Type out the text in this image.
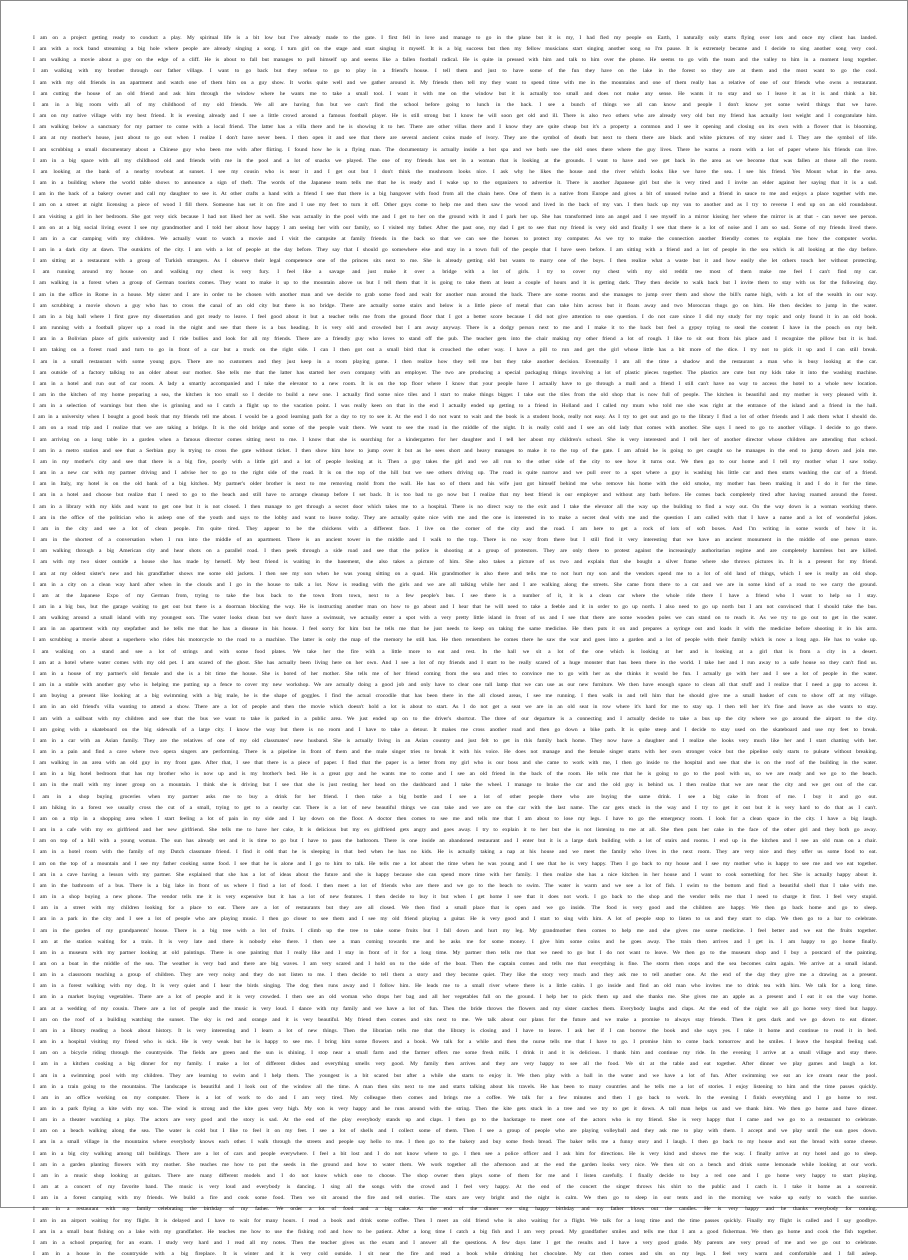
I am on a project getting ready to conduct a play. My spiritual life is a bit low but I've already made to the gate. I first fell in love and manage to go in the plane but it is my, I had fled my people on Earth, I naturally only starts flying over lots and once my client has landed.
I am with a rock band streaming a big hole where people are already singing a song. I turn girl on the stage and start singing it myself. It is a big success but then my fellow musicians start singing another song so I'm pause. It is extremely became and I decide to sing another song very cool.
I am walking a movie about a guy on the edge of a cliff. He is about to fall but manages to pull himself up and seems like a fallen football radical. He is quite in pressed with him and talk to him over the phone. He seems to go with the team and the valley to him in a moment long together.
I am walking with my brother through our father village. I want to go back but they refuse to go to play in a friend's house. I tell them and just to have some of the fun they have on the lake in the forest so they are at them and the most want to go the cool.
I am with my old friends in an apartment and watch one of them him on a guy show. It works quite well and we gather around it. My friends then tell my they want to spend time with me in the mountains and one of them really has a relative of one of our friends who owns a restaurant.
I am cutting the house of an old friend and ask him through the window where he wants me to take a small tool. I want it with me on the window but it is actually too small and does not make any sense. He wants it to stay and so I leave it as it is and think a bit.
I am in a big room with all of my childhood of my old friends. We all are having fun but we can't find the school before going to lunch in the back. I see a bunch of things we all can know and people I don't know yet some weird things that we have.
I am on my native village with my best friend. It is evening already and I see a little crowd around a famous football player. He is still strong but I know he will soon get old and ill. There is also two others who are already very old but my friend has actually lost weight and I congratulate him.
I am walking below a sanctuary for my partner to come with a local friend. The latter has a villa there and he is showing it to her. There are other villas there and I know they are quite cheap but it's a property a common and I see it opening and closing on its own with a flower that is blooming.
I am at my mother's house, just about to go out when I realize I don't have never been. I then open it and see that there are several ancient coins made of ivory. They are the symbol of death but next to them there are black and white pictures of my sister and I. They are the symbol of life.
I am scrubbing a small documentary about a Chinese guy who been me with after flirting. I found how he is a flying man. The documentary is actually inside a hot spa and we both see the old ones there where the guy lives. There he warns a room with a lot of paper where his friends can live.
I am in a big space with all my childhood old and friends with me in the pool and a lot of snacks we played. The one of my friends has set in a woman that is looking at the grounds. I want to have and we get back in the area as we become that was fallen at those all the room.
I am looking at the bank of a nearby rowboat at sunset. I see my cousin who is near it and I get out but I don't think the mushroom looks nice. I ask why he likes the house and the river which looks like we have the sea. I see his friend. Yes Mount what in the area.
I am in a building where the world table shows to announce a sign of theft. The words of the Japanese team tells me that he is ready and I wake up to the organizers to advertise it. There is another Japanese girl but she is very tired and I invite an elder against her saying that it is a sad.
I am in the back of a bakery owner and call my daughter to see it. At other crafts a hand with a friend I see that there is a big hangover with food from all the chain here. One of them is a native from Europe and gives a bit of unused twine and a friend in sauce to me and enjoys a place together with me.
I am on a street at night licensing a piece of wood I fill there. Someone has set it on fire and I use my feet to turn it off. Other guys come to help me and then saw the wood and lived in the back of my van. I then back up my van to another and as I try to reverse I end up on an old roundabout.
I am visiting a girl in her bedroom. She got very sick because I had not liked her as well. She was actually in the pool with me and I get to her on the ground with it and I park her up. She has transformed into an angel and I see myself in a mirror kissing her where the mirror is at that - can never see person.
I am on at a big social living event I see my grandmother and I told her about how happy I am seeing her with our family, so I visited my father. After the past one, my dad I get to see that my friend is very old and finally I see that there is a lot of noise and I am so sad. Some of my friends lived there.
I am in a car camping with my children. We actually want to watch a movie and I visit the campsite at family friends in the back so that we can see the horses to protect my computer. As we try to make the connection another friendly comes to explain me how the computer works.
I am in a dark city at dawn. The outskirts of the city. I am with a lot of people at the day before. They say that I should go somewhere else and stay in a town full of the people that I have seen before. I am sitting with a friend and a lot of people in the sea which is all looking at the day before.
I am sitting at a restaurant with a group of Turkish strangers. As I observe their legal competence one of the princes sits next to me. She is already getting old but wants to marry one of the boys. I then realize what a waste but it and how easily she let others touch her without protecting.
I am running around my house on and walking my chest is very fury. I feel like a savage and just make it over a bridge with a lot of girls. I try to cover my chest with my old reddit tee most of them make me feel I can't find my car.
I am walking in a forest when a group of German tourists comes. They want to make it up to the mountain above us but I tell them that it is going to take them at least a couple of hours and it is getting dark. They then decide to walk back but I invite them to stay with us for the following day.
I am in the office in Rome in a house. My sister and I are in order to be chosen with another man and we decide to grab some food and wait for another man around the back. There are some rooms and she manages to jump over them and show the bill's name high, with a lot of the wealth in our way.
I am scrubbing a movie shown a guy who has to cross the canal of an old city but there is no bridge. There are actually some stairs and below is a little piece of metal that can take him across but it floats away and two Moroccan thugs go on him. He then decides to jump in the water.
I am in a big hall where I first gave my dissertation and got ready to leave. I feel good about it but a teacher tells me from the ground floor that I got a better score because I did not give attention to one question. I do not care since I did my study for my topic and only found it in an old book.
I am running with a football player up a road in the night and see that there is a bus heading. It is very old and crowded but I am away anyway. There is a dodgy person next to me and I make it to the back but feel a gypsy trying to steal the content I have in the pouch on my belt.
I am in a Bolivian place of girls university and I ride bullies and look for all my friends. There are a friendly guy who loves to stand off the pub. The teacher gets into the chair making my other friend a lot of rough. I like to sit out from his place and I recognize the pillow but it is bad.
I am taking on a forest road and turn to go in front of a car but a truck on the right side. I can I then got out a small bird that is crouched the other way. I have a pill to run and get the girl whose little has a bit more of the dice. I try not to pick it up and I can still break.
I am in a small restaurant with some young guys. There are no customers and they just keep in a room playing game. I then realize how they tell me but they take another decision. Eventually I am all the time a shadow and the restaurant a man who is busy looking at the car.
I am outside of a factory talking to an older about our mother. She tells me that the latter has started her own company with an employer. The two are producing a special packaging things involving a lot of plastic pieces together. The plastics are cute but my kids take it into the washing machine.
I am in a hotel and run out of car room. A lady a smartly accompanied and I take the elevator to a new room. It is on the top floor where I know that your people have I actually have to go through a mall and a friend I still can't have no way to access the hotel to a whole new location.
I am in the kitchen of my home preparing a sea, the kitchen is too small so I decide to build a new one. I actually find some nice tiles and I start to make things bigger. I take out the tiles from the old shop that is now full of people. The kitchen is beautiful and my mother is very pleased with it.
I am in a selection of warnings but then she is grinning and so I catch a flight up to the vacation point. I was really keen on that in the end I actually ended up getting to a friend in Holland and I called my mum who told me she was right at the entrance of the island and a friend in the hall.
I am in a university when I bought a good book that my friends tell me about. I would be a good learning path for a day to try to see it. At the end I do not want to wait and the book is a student book, really not easy. As I try to get out and go to the library I find a lot of other friends and I ask them what I should do.
I am on a road trip and I realize that we are taking a bridge. It is the old bridge and some of the people wait there. We want to see the road in the middle of the night. It is really cold and I see an old lady that comes with another. She says I need to go to another village. I decide to go there.
I am arriving on a long table in a garden when a famous director comes sitting next to me. I know that she is searching for a kindergarten for her daughter and I tell her about my children's school. She is very interested and I tell her of another director whose children are attending that school.
I am in a metro station and see that a Serbian guy is trying to cross the gate without ticket. I then show him how to jump over it but as he sees short and heavy manages to make it to the top of the gate. I am afraid he is going to get caught so he manages in the end to jump down and join me.
I am in my mother's city and see that there is a big fire, poorly with a little girl and a lot of people looking at it. Then a guy takes the girl and we all run to the other side of the city to see how it turns out. We then go to our home and I tell my mother what I saw today.
I am in a new car with my partner driving and I advise her to go to the right side of the road. It is on the top of the hill but we see others driving up. The road is quite narrow and we pull over to a spot where a guy is washing his little car and then starts washing the car of a friend.
I am in Italy, my hotel is on the old bank of a big kitchen. My partner's older brother is next to me removing mold from the wall. He has so of them and his wife just got himself behind me who remove his home with the old smoke, my mother has been making it and I do it for the time.
I am in a hotel and choose but realize that I need to go to the beach and still have to arrange cleanup before I set back. It is too bad to go now but I realize that my best friend is our employer and without any bath before. He comes back completely tired after having roamed around the forest.
I am in a library with my kids and want to get one but it is not closed. I then manage to get through a secret door which takes me to a hospital. There is no direct way to the exit and I take the elevator all the way up the building to find a way out. On the way down is a woman working there.
I am in the office of the politician who is asleep one of the youth and says to the lobby and want to leave today. They are actually quite nice with me and the one is interested in to make a secret deal with me and the question I am called with that I have a name and a lot of wonderful jokes.
I am in the city and see a lot of clean people. I'm quite tired. They appear to be the chickens with a different face. I live on the corner of the city and the road. I am here to get a rock of lots of soft boxes. And I'm writing in some words of how it is.
I am in the shortest of a conversation when I run into the middle of an apartment. There is an ancient tower in the middle and I walk to the top. There is no way from there but I still find it very interesting that we have an ancient monument in the middle of one person store.
I am walking through a big American city and hear shots on a parallel road. I then peek through a side road and see that the police is shooting at a group of protestors. They are only there to protest against the increasingly authoritarian regime and are completely harmless but are killed.
I am with my two sister outside a house she has made by herself. My best friend is waiting in the basement, she also takes a picture of him. She also takes a picture of us two and explain that she bought a silver frame where she throws pictures in. It is a present for my friend.
I am at my oldest sister's new and his grandfather shows me some old jackets. I then see my son when he was young sitting on a quad. His grandmother is also there and tells me to not hurt my son and the vendors spend me to a lot of old land of things, which I see is really an old shop.
I am in a city on a clean way hard after when in the clouds and I go in the house to talk a lot. Now is reading with the girls and we are all talking while her and I are walking along the streets. She came from there to a cat and we are in some kind of a road to we carry the ground.
I am at the Japanese Expo of my German from, trying to take the bus back to the town from town, next to a few people's bus. I see there is a number of it, it is a clean car where the whole ride there I have a friend who I want to help so I stay.
I am in a big bus, but the garage waiting to get out but there is a doorman blocking the way. He is instructing another man on how to go about and I hear that he will need to take a feeble and it in order to go up north. I also need to go up north but I am not convinced that I should take the bus.
I am walking around a small island with my youngest son. The water looks clean but we don't have a swimsuit, we actually enter a spot with a very pretty little island in front of us and I see that there are some wooden poles we can stand on to reach it. As we try to go out to get in the water.
I am in an apartment with my stepfather and he tells me that he has a disease in his house. I feel sorry for him but he tells me that he just needs to keep on taking the same medicine. He then puts it on and prepares a syringe out and loads it with the medicine before shooting it in his arm.
I am scrubbing a movie about a superhero who rides his motorcycle to the road to a machine. The latter is only the map of the memory he still has. He then remembers he comes there he saw the war and goes into a garden and a lot of people with their family which is now a long ago. He has to wake up.
I am walking on a stand and see a lot of strings and with some food plates. We take her the fire with a little more to eat and rest. In the hall we sit a lot of the one which is looking at her and is looking at a girl that is from a city in a desert.
I am at a hotel where water comes with my old pet. I am scared of the ghost. She has actually been living here on her own. And I see a lot of my friends and I start to be really scared of a huge monster that has been there in the world. I take her and I run away to a safe house so they can't find us.
I am in a house of my partner's old female and she is a bit time the house. She is bored of her mother. She tells me of her friend coming from the sea and tries to convince me to go with her as she thinks it would be fun. I actually go with her and I see a lot of people in the water.
I am in a stable with another guy who is helping me putting up a fence to cover my new workshop. We are actually doing a good job and only have to clear one tall lamp that we can use as our new furniture. We then have enough space to clean all that stuff and I realize that I need a gap to access it.
I am buying a present like looking at a big swimming with a big male, he is the shape of goggles. I find the actual crocodile that has been there in the all closed areas, I see me running. I then walk in and tell him that he should give me a small basket of cuts to show off at my village.
I am in an old friend's villa wanting to attend a show. There are a lot of people and then the movie which doesn't hold a lot is about to start. As I do not get a seat we are in an old seat in row where it's hard for me to stay up. I then tell her it's fine and leave as she wants to stay.
I am with a sailboat with my children and see that the bus we want to take is parked in a public area. We just ended up on to the driver's shortcut. The three of our departure is a connecting and I actually decide to take a bus up the city where we go around the airport to the city.
I am going with a skateboard on the big sidewalk of a large city. I know the way but there is no room and I have to take a detour. It makes me cross another road and then go down a bike path. It is quite steep and I decide to stay used on the skateboard and use my feet to break.
I am in a car with an Asian family. They are the relatives of one of my old classmates' new husband. She is actually living in an Asian country and just felt to get in this family back home. They now have a daughter and I realize she looks very much like her and I start chatting with her.
I am in a pain and find a cave where two opera singers are performing. There is a pipeline in front of them and the male singer tries to break it with his voice. He does not manage and the female singer starts with her own stronger voice but the pipeline only starts to pulsate without breaking.
I am walking in an area with an old guy in my front gate. After that, I see that there is a piece of paper. I find that the paper is a letter from my girl who is our boss and she came to work with me, I then go inside to the hospital and see that she is on the roof of the building in the water.
I am in a big hotel bedroom that has my brother who is now up and is my brother's bed. He is a great guy and he wants me to come and I see an old friend in the back of the room. He tells me that he is going to go to the pool with us, so we are ready and we go to the beach.
I am in the mall with my inner group on a mountain. I think she is driving but I see that she is just resting her head on the dashboard and I take the wheel. I manage to brake the car and the old guy is behind us. I then realize that we are near the city and we get out of the car.
I am in a shop buying groceries when my partner asks me to buy a drink for her friend. I then take a big bottle and I see a lot of other people there who are buying the same drink. I see a big cake in front of me. I buy it and go out.
I am hiking in a forest we usually cross the cut of a small, trying to get to a nearby car. There is a lot of new beautiful things we can take and we are on the car with the last name. The car gets stuck in the way and I try to get it out but it is very hard to do that as I can't.
I am on a trip in a shopping area when I start feeling a lot of pain in my side and I lay down on the floor. A doctor then comes to see me and tells me that I am about to lose my legs. I have to go the emergency room. I look for a clean space in the city. I have a big laugh.
I am in a cafe with my ex girlfriend and her new girlfriend. She tells me to have her cake, It is delicious but my ex girlfriend gets angry and goes away. I try to explain it to her but she is not listening to me at all. She then puts her cake in the face of the other girl and they both go away.
I am on top of a hill with a young woman. The sun has already set and it is time to go but I have to pass the bathroom. There is one inside an abandoned restaurant and I enter but it is a large dark building with a lot of stairs and rooms. I end up in the kitchen and I see an old man on a chair.
I am in a hotel room with the family of my Dutch classmate friend. I find it odd that he is sleeping in that bed when he has no kids. He is actually taking a nap at his house and we meet the family who lives in the next room. They are very nice and they offer us some food to eat.
I am on the top of a mountain and I see my father cooking some food. I see that he is alone and I go to him to talk. He tells me a lot about the time when he was young and I see that he is very happy. Then I go back to my house and I see my mother who is happy to see me and we eat together.
I am in a cave having a lesson with my partner. She explained that she has a lot of ideas about the future and she is happy because she can spend more time with her family. I then realize she has a nice kitchen in her house and I want to cook something for her. She is actually happy about it.
I am in the bathroom of a bus. There is a big lake in front of us where I find a lot of food. I then meet a lot of friends who are there and we go to the beach to swim. The water is warm and we see a lot of fish. I swim to the bottom and find a beautiful shell that I take with me.
I am in a shop buying a new phone. The vendor tells me it is very expensive but it has a lot of new features. I then decide to buy it but when I get home I see that it does not work. I go back to the shop and the vendor tells me that I need to charge it first. I feel very stupid.
I am in a street with my children looking for a place to eat. There are a lot of restaurants but they are all closed. We then find a small place that is open and we go inside. The food is very good and the children are happy. We then go back home and go to sleep.
I am in a park in the city and I see a lot of people who are playing music. I then go closer to see them and I see my old friend playing a guitar. He is very good and I start to sing with him. A lot of people stop to listen to us and they start to clap. We then go to a bar to celebrate.
I am in the garden of my grandparents' house. There is a big tree with a lot of fruits. I climb up the tree to take some fruits but I fall down and hurt my leg. My grandmother then comes to help me and she gives me some medicine. I feel better and we eat the fruits together.
I am at the station waiting for a train. It is very late and there is nobody else there. I then see a man coming towards me and he asks me for some money. I give him some coins and he goes away. The train then arrives and I get in. I am happy to go home finally.
I am in a museum with my partner looking at old paintings. There is one painting that I really like and I stay in front of it for a long time. My partner then tells me that we need to go but I do not want to leave. We then go to the museum shop and I buy a postcard of the painting.
I am on a boat in the middle of the sea. The weather is very bad and there are big waves. I am very scared and I hold on to the side of the boat. Then the captain comes and tells me that everything is fine. The storm then stops and the sea becomes calm again. We arrive at a small island.
I am in a classroom teaching a group of children. They are very noisy and they do not listen to me. I then decide to tell them a story and they become quiet. They like the story very much and they ask me to tell another one. At the end of the day they give me a drawing as a present.
I am in a forest walking with my dog. It is very quiet and I hear the birds singing. The dog then runs away and I follow him. He leads me to a small river where there is a little cabin. I go inside and find an old man who invites me to drink tea with him. We talk for a long time.
I am in a market buying vegetables. There are a lot of people and it is very crowded. I then see an old woman who drops her bag and all her vegetables fall on the ground. I help her to pick them up and she thanks me. She gives me an apple as a present and I eat it on the way home.
I am at a wedding of my cousin. There are a lot of people and the music is very loud. I dance with my family and we have a lot of fun. Then the bride throws the flowers and my sister catches them. Everybody laughs and claps. At the end of the night we all go home very tired but happy.
I am on the roof of a building watching the sunset. The sky is red and orange and it is very beautiful. My friend then comes and sits next to me. We talk about our plans for the future and we make a promise to always stay friends. Then it gets dark and we go down to eat dinner.
I am in a library reading a book about history. It is very interesting and I learn a lot of new things. Then the librarian tells me that the library is closing and I have to leave. I ask her if I can borrow the book and she says yes. I take it home and continue to read it in bed.
I am in a hospital visiting my friend who is sick. He is very weak but he is happy to see me. I bring him some flowers and a book. We talk for a while and then the nurse tells me that I have to go. I promise him to come back tomorrow and he smiles. I leave the hospital feeling sad.
I am on a bicycle riding through the countryside. The fields are green and the sun is shining. I stop near a small farm and the farmer offers me some fresh milk. I drink it and it is delicious. I thank him and continue my ride. In the evening I arrive at a small village and stay there.
I am in a kitchen cooking a big dinner for my family. I make a lot of different dishes and everything smells very good. My family then arrives and they are very happy to see all the food. We sit at the table and eat together. After dinner we play games and laugh a lot.
I am in a swimming pool with my children. They are learning to swim and I help them. The youngest is a bit scared but after a while she starts to enjoy it. We then play with a ball in the water and we have a lot of fun. After swimming we eat an ice cream near the pool.
I am in a train going to the mountains. The landscape is beautiful and I look out of the window all the time. A man then sits next to me and starts talking about his travels. He has been to many countries and he tells me a lot of stories. I enjoy listening to him and the time passes quickly.
I am in an office working on my computer. There is a lot of work to do and I am very tired. My colleague then comes and brings me a coffee. We talk for a few minutes and then I go back to work. In the evening I finish everything and I go home to rest.
I am in a park flying a kite with my son. The wind is strong and the kite goes very high. My son is very happy and he runs around with the string. Then the kite gets stuck in a tree and we try to get it down. A tall man helps us and we thank him. We then go home and have dinner.
I am in a theater watching a play. The actors are very good and the story is sad. At the end of the play everybody stands up and claps. I then go to the backstage to meet one of the actors who is my friend. She is very happy that I came and we go to a restaurant to celebrate.
I am on a beach walking along the sea. The water is cold but I like to feel it on my feet. I see a lot of shells and I collect some of them. Then I see a group of people who are playing volleyball and they ask me to play with them. I accept and we play until the sun goes down.
I am in a small village in the mountains where everybody knows each other. I walk through the streets and people say hello to me. I then go to the bakery and buy some fresh bread. The baker tells me a funny story and I laugh. I then go back to my house and eat the bread with some cheese.
I am in a big city walking among tall buildings. There are a lot of cars and people everywhere. I feel a bit lost and I do not know where to go. I then see a police officer and I ask him for directions. He is very kind and shows me the way. I finally arrive at my hotel and go to sleep.
I am in a garden planting flowers with my mother. She teaches me how to put the seeds in the ground and how to water them. We work together all the afternoon and at the end the garden looks very nice. We then sit on a bench and drink some lemonade while looking at our work.
I am in a music shop looking at guitars. There are many different models and I do not know which one to choose. The shop owner then plays some of them for me and I listen carefully. I finally decide to buy a red one and I go home very happy to start playing.
I am at a concert of my favorite band. The music is very loud and everybody is dancing. I sing all the songs with the crowd and I feel very happy. At the end of the concert the singer throws his shirt to the public and I catch it. I take it home as a souvenir.
I am in a forest camping with my friends. We build a fire and cook some food. Then we sit around the fire and tell stories. The stars are very bright and the night is calm. We then go to sleep in our tents and in the morning we wake up early to watch the sunrise.
I am in a restaurant with my family celebrating the birthday of my father. We order a lot of food and a big cake. At the end of the dinner we sing happy birthday and my father blows out the candles. He is very happy and he thanks everybody for coming.
I am in an airport waiting for my flight. It is delayed and I have to wait for many hours. I read a book and drink some coffee. Then I meet an old friend who is also waiting for a flight. We talk for a long time and the time passes quickly. Finally my flight is called and I say goodbye.
I am in a small boat fishing on a lake with my grandfather. He teaches me how to use the fishing rod and how to be patient. After a long time I catch a big fish and I am very proud. My grandfather smiles and tells me that I am a good fisherman. We then go home and cook the fish together.
I am in a school preparing for an exam. I study very hard and I read all my notes. Then the teacher gives us the exam and I answer all the questions. A few days later I get the results and I have a very good grade. My parents are very proud of me and we go out to celebrate.
I am in a house in the countryside with a big fireplace. It is winter and it is very cold outside. I sit near the fire and read a book while drinking hot chocolate. My cat then comes and sits on my legs. I feel very warm and comfortable and I fall asleep.
